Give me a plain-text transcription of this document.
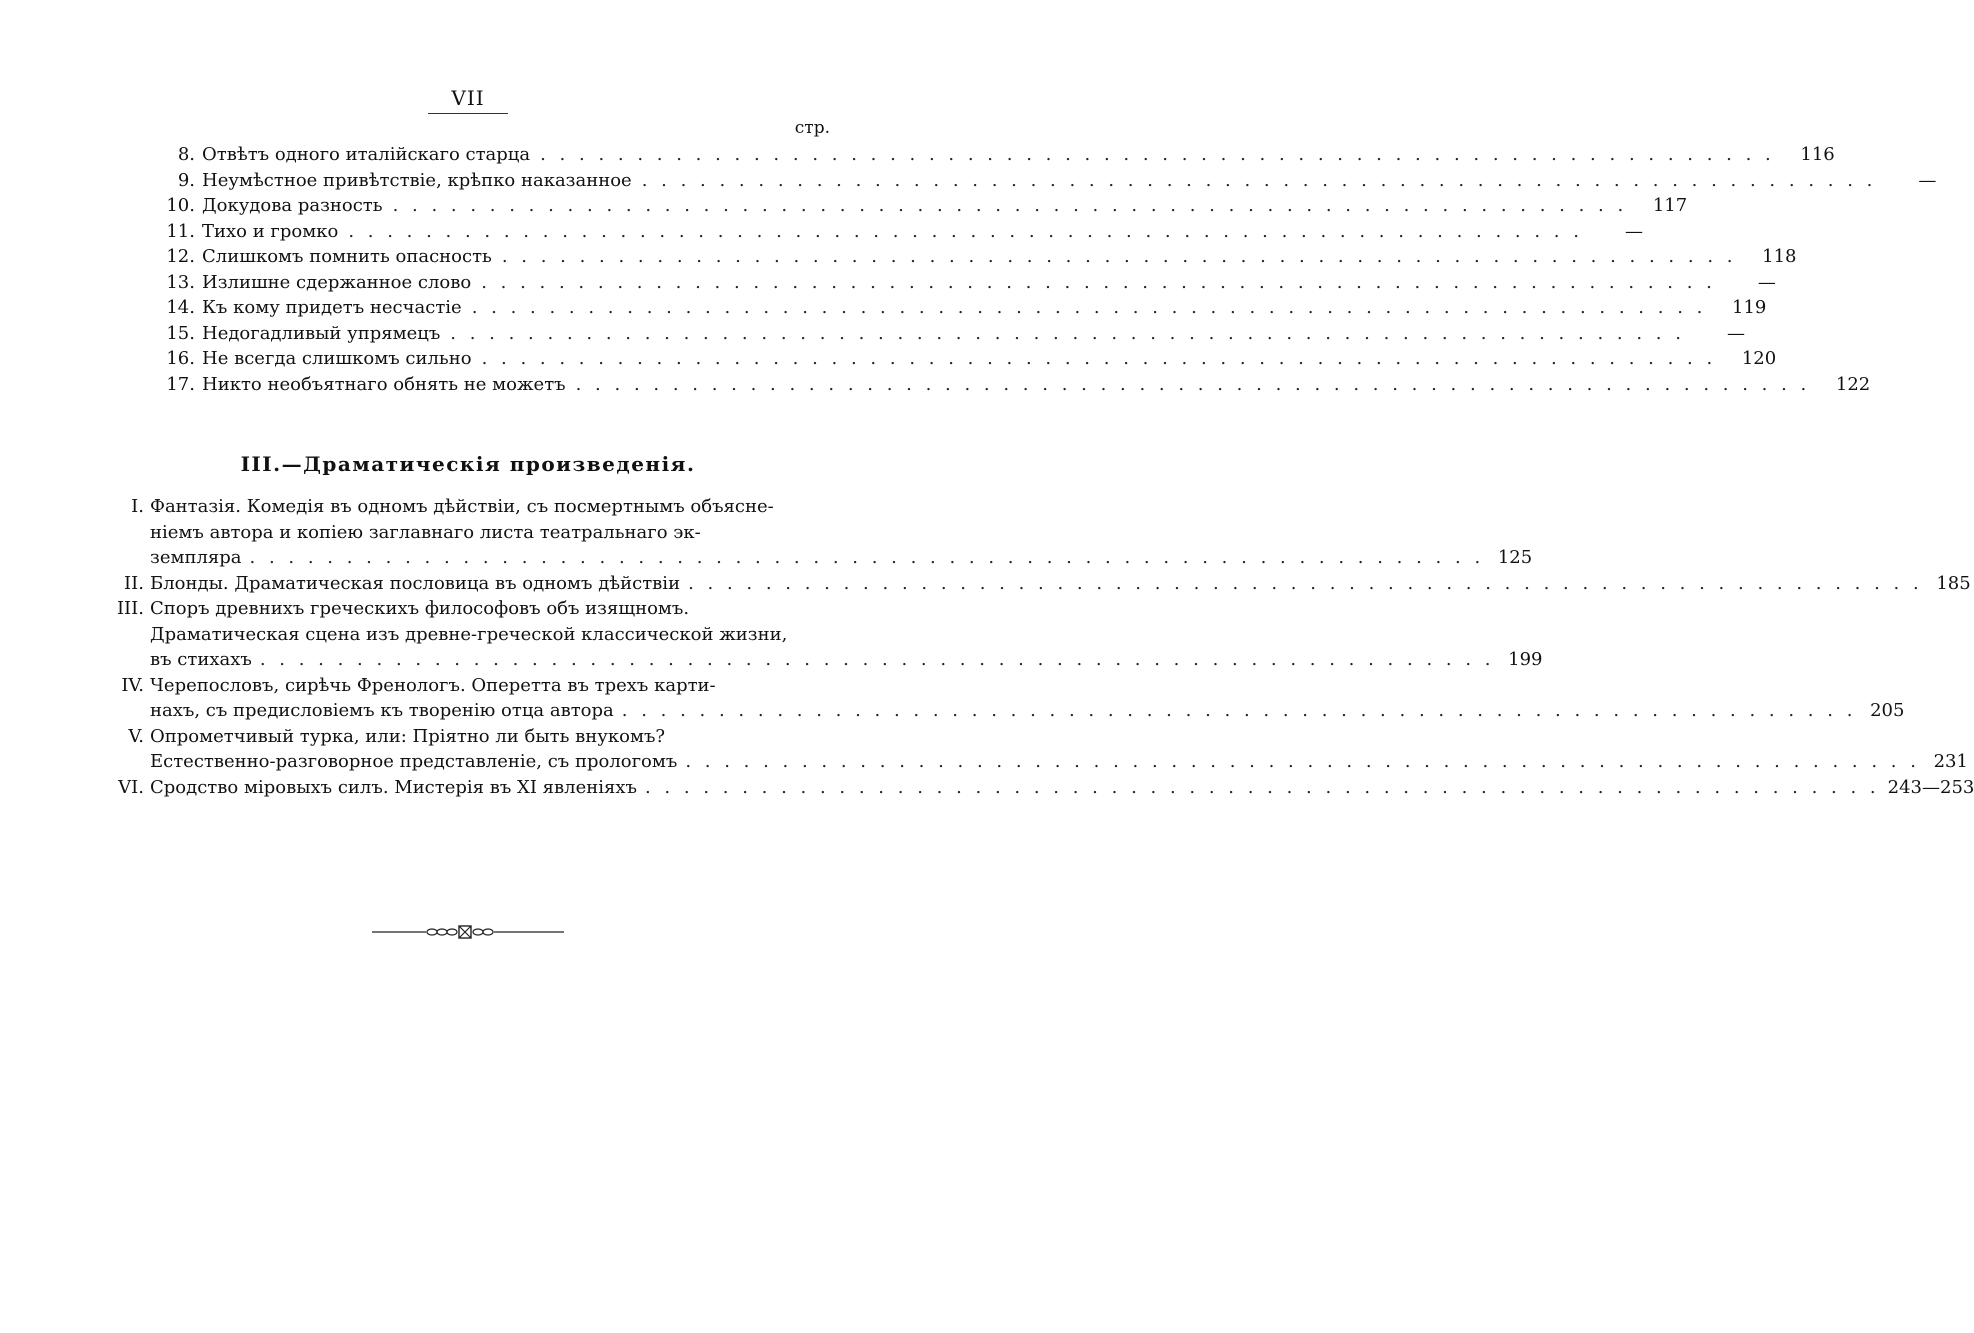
VII
стр.
8. Отвѣтъ одного италійскаго старца . . .	116
9. Неумѣстное привѣтствіе, крѣпко наказанное . . .	—
10. Докудова разность . . .	117
11. Тихо и громко . . .	—
12. Слишкомъ помнить опасность . . .	118
13. Излишне сдержанное слово . . .	—
14. Къ кому придетъ несчастіе . . .	119
15. Недогадливый упрямецъ . . .	—
16. Не всегда слишкомъ сильно . . .	120
17. Никто необъятнаго обнять не можетъ . . .	122
III.—Драматическія произведенія.
I. Фантазія. Комедія въ одномъ дѣйствіи, съ посмертнымъ объясне-
ніемъ автора и копіею заглавнаго листа театральнаго эк-
земпляра . . .	125
II. Блонды. Драматическая пословица въ одномъ дѣйствіи . . .	185
III. Споръ древнихъ греческихъ философовъ объ изящномъ.
Драматическая сцена изъ древне-греческой классической жизни,
въ стихахъ . . .	199
IV. Черепословъ, сирѣчь Френологъ. Оперетта въ трехъ карти-
нахъ, съ предисловіемъ къ творенію отца автора . . .	205
V. Опрометчивый турка, или: Пріятно ли быть внукомъ?
Естественно-разговорное представленіе, съ прологомъ . . .	231
VI. Сродство міровыхъ силъ. Мистерія въ XI явленіяхъ . . .	243—253
